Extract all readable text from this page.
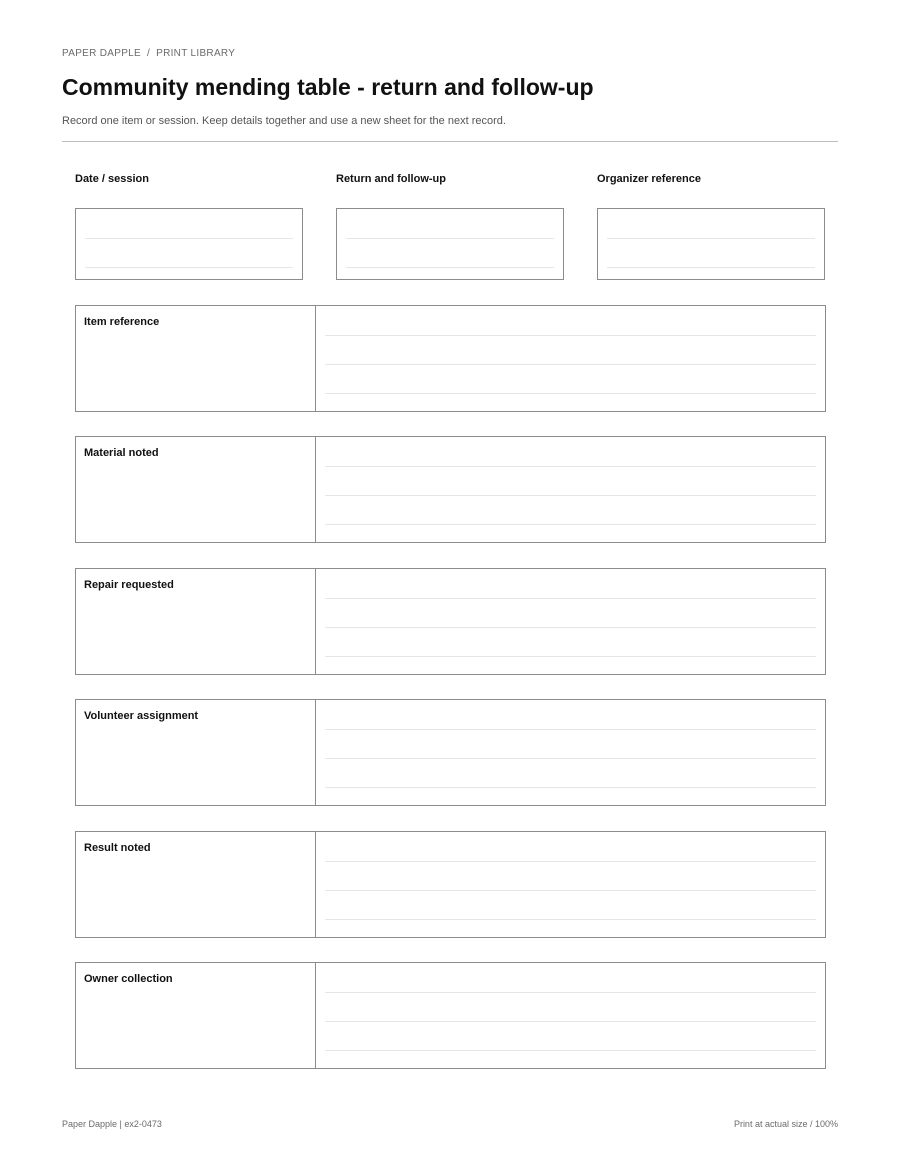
PAPER DAPPLE / PRINT LIBRARY
Community mending table - return and follow-up
Record one item or session. Keep details together and use a new sheet for the next record.
Date / session	Return and follow-up	Organizer reference
Item reference
Material noted
Repair requested
Volunteer assignment
Result noted
Owner collection
Paper Dapple | ex2-0473	Print at actual size / 100%
